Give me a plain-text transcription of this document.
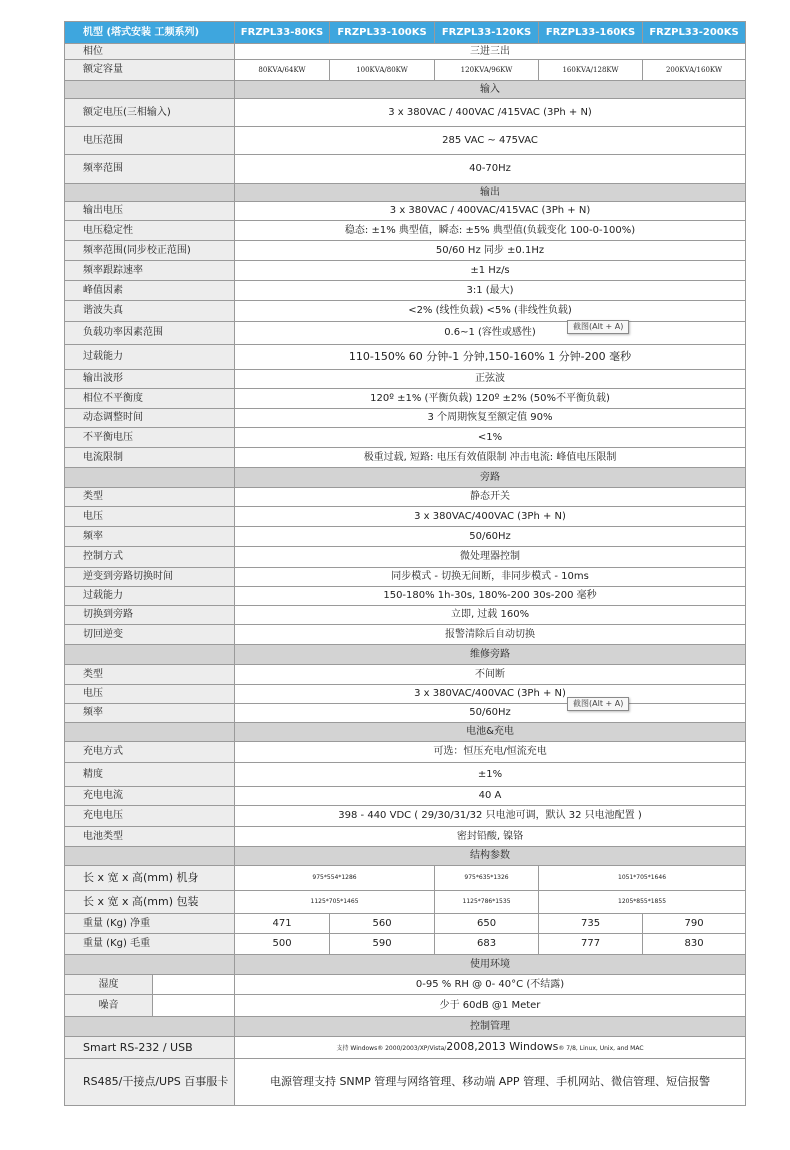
机型 (塔式安装 工频系列)		FRZPL33-80KS	FRZPL33-100KS	FRZPL33-120KS	FRZPL33-160KS	FRZPL33-200KS
相位		三进三出				
额定容量		80KVA/64KW	100KVA/80KW	120KVA/96KW	160KVA/128KW	200KVA/160KW
		输入				
额定电压(三相输入)		3 x 380VAC / 400VAC /415VAC (3Ph + N)				
电压范围		285 VAC ~ 475VAC				
频率范围		40-70Hz				
		输出				
输出电压		3 x 380VAC / 400VAC/415VAC (3Ph + N)				
电压稳定性		稳态: ±1% 典型值，瞬态: ±5% 典型值(负载变化 100-0-100%)				
频率范围(同步校正范围)		50/60 Hz 同步 ±0.1Hz				
频率跟踪速率		±1 Hz/s				
峰值因素		3:1 (最大)				
谐波失真		<2% (线性负载) <5% (非线性负载)				
负载功率因素范围		0.6~1 (容性或感性)				
过载能力		110-150% 60 分钟-1 分钟,150-160% 1 分钟-200 毫秒				
输出波形		正弦波				
相位不平衡度		120º ±1% (平衡负载) 120º ±2% (50%不平衡负载)				
动态调整时间		3 个周期恢复至额定值 90%				
不平衡电压		<1%				
电流限制		极重过载, 短路: 电压有效值限制 冲击电流: 峰值电压限制				
		旁路				
类型		静态开关				
电压		3 x 380VAC/400VAC (3Ph + N)				
频率		50/60Hz				
控制方式		微处理器控制				
逆变到旁路切换时间		同步模式 - 切换无间断，非同步模式 - 10ms				
过载能力		150-180% 1h-30s, 180%-200 30s-200 毫秒				
切换到旁路		立即, 过载 160%				
切回逆变		报警清除后自动切换				
		维修旁路				
类型		不间断				
电压		3 x 380VAC/400VAC (3Ph + N)				
频率		50/60Hz				
		电池&充电				
充电方式		可选：恒压充电/恒流充电				
精度		±1%				
充电电流		40 A				
充电电压		398 - 440 VDC ( 29/30/31/32 只电池可调，默认 32 只电池配置 )				
电池类型		密封铅酸, 镍铬				
		结构参数				
长 x 宽 x 高(mm) 机身		975*554*1286		975*635*1326	1051*705*1646	
长 x 宽 x 高(mm) 包装		1125*705*1465		1125*786*1535	1205*855*1855	
重量 (Kg) 净重		471	560	650	735	790
重量 (Kg) 毛重		500	590	683	777	830
		使用环境				
湿度		0-95 % RH @ 0- 40°C (不结露)				
噪音		少于 60dB @1 Meter				
		控制管理				
Smart RS-232 / USB		支持 Windows® 2000/2003/XP/Vista/2008,2013 Windows® 7/8, Linux, Unix, and MAC				
RS485/干接点/UPS 百事服卡		电源管理支持 SNMP 管理与网络管理、移动端 APP 管理、手机网站、微信管理、短信报警				
截图(Alt + A)
截图(Alt + A)
